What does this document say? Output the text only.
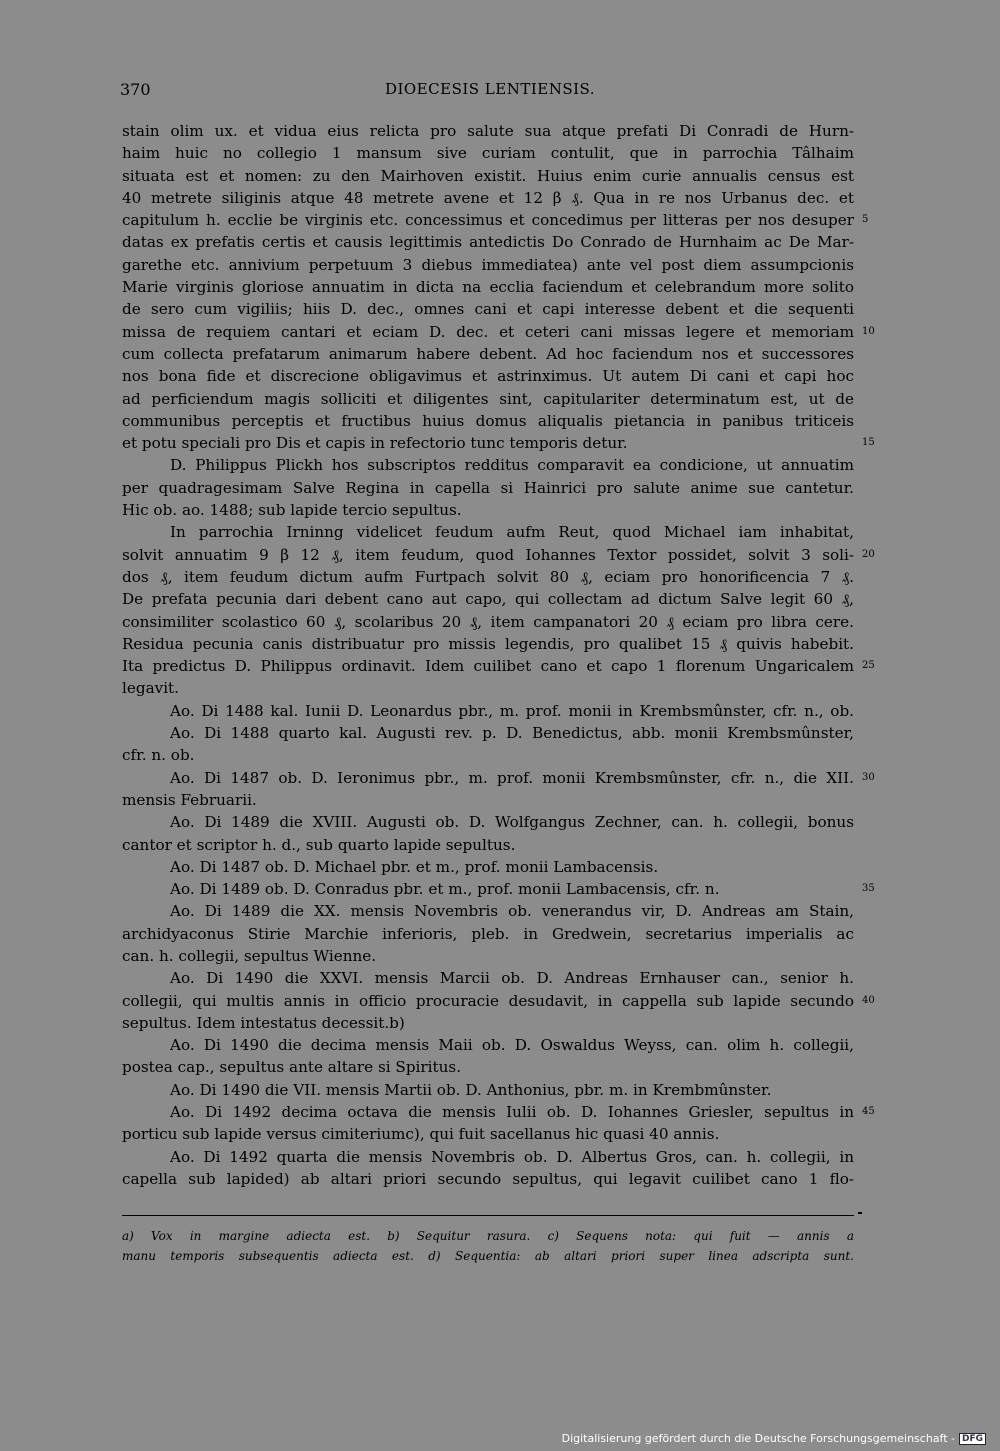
370	DIOECESIS LENTIENSIS.
stain olim ux. et vidua eius relicta pro salute sua atque prefati Di Conradi de Hurn-
haim huic no collegio 1 mansum sive curiam contulit, que in parrochia Tâlhaim
situata est et nomen: zu den Mairhoven existit. Huius enim curie annualis census est
40 metrete siliginis atque 48 metrete avene et 12 β ₰. Qua in re nos Urbanus dec. et
capitulum h. ecclie be virginis etc. concessimus et concedimus per litteras per nos desuper 5
datas ex prefatis certis et causis legittimis antedictis Do Conrado de Hurnhaim ac De Mar-
garethe etc. annivium perpetuum 3 diebus immediatea) ante vel post diem assumpcionis
Marie virginis gloriose annuatim in dicta na ecclia faciendum et celebrandum more solito
de sero cum vigiliis; hiis D. dec., omnes cani et capi interesse debent et die sequenti
missa de requiem cantari et eciam D. dec. et ceteri cani missas legere et memoriam 10
cum collecta prefatarum animarum habere debent. Ad hoc faciendum nos et successores
nos bona fide et discrecione obligavimus et astrinximus. Ut autem Di cani et capi hoc
ad perficiendum magis solliciti et diligentes sint, capitulariter determinatum est, ut de
communibus perceptis et fructibus huius domus aliqualis pietancia in panibus triticeis
et potu speciali pro Dis et capis in refectorio tunc temporis detur.	15
D. Philippus Plickh hos subscriptos redditus comparavit ea condicione, ut annuatim
per quadragesimam Salve Regina in capella si Hainrici pro salute anime sue cantetur.
Hic ob. ao. 1488; sub lapide tercio sepultus.
In parrochia Irninng videlicet feudum aufm Reut, quod Michael iam inhabitat,
solvit annuatim 9 β 12 ₰, item feudum, quod Iohannes Textor possidet, solvit 3 soli- 20
dos ₰, item feudum dictum aufm Furtpach solvit 80 ₰, eciam pro honorificencia 7 ₰.
De prefata pecunia dari debent cano aut capo, qui collectam ad dictum Salve legit 60 ₰,
consimiliter scolastico 60 ₰, scolaribus 20 ₰, item campanatori 20 ₰ eciam pro libra cere.
Residua pecunia canis distribuatur pro missis legendis, pro qualibet 15 ₰ quivis habebit.
Ita predictus D. Philippus ordinavit. Idem cuilibet cano et capo 1 florenum Ungaricalem 25
legavit.
Ao. Di 1488 kal. Iunii D. Leonardus pbr., m. prof. monii in Krembsmûnster, cfr. n., ob.
Ao. Di 1488 quarto kal. Augusti rev. p. D. Benedictus, abb. monii Krembsmûnster,
cfr. n. ob.
Ao. Di 1487 ob. D. Ieronimus pbr., m. prof. monii Krembsmûnster, cfr. n., die XII. 30
mensis Februarii.
Ao. Di 1489 die XVIII. Augusti ob. D. Wolfgangus Zechner, can. h. collegii, bonus
cantor et scriptor h. d., sub quarto lapide sepultus.
Ao. Di 1487 ob. D. Michael pbr. et m., prof. monii Lambacensis.
Ao. Di 1489 ob. D. Conradus pbr. et m., prof. monii Lambacensis, cfr. n.	35
Ao. Di 1489 die XX. mensis Novembris ob. venerandus vir, D. Andreas am Stain,
archidyaconus Stirie Marchie inferioris, pleb. in Gredwein, secretarius imperialis ac
can. h. collegii, sepultus Wienne.
Ao. Di 1490 die XXVI. mensis Marcii ob. D. Andreas Ernhauser can., senior h.
collegii, qui multis annis in officio procuracie desudavit, in cappella sub lapide secundo 40
sepultus. Idem intestatus decessit.b)
Ao. Di 1490 die decima mensis Maii ob. D. Oswaldus Weyss, can. olim h. collegii,
postea cap., sepultus ante altare si Spiritus.
Ao. Di 1490 die VII. mensis Martii ob. D. Anthonius, pbr. m. in Krembmûnster.
Ao. Di 1492 decima octava die mensis Iulii ob. D. Iohannes Griesler, sepultus in 45
porticu sub lapide versus cimiteriumc), qui fuit sacellanus hic quasi 40 annis.
Ao. Di 1492 quarta die mensis Novembris ob. D. Albertus Gros, can. h. collegii, in
capella sub lapided) ab altari priori secundo sepultus, qui legavit cuilibet cano 1 flo-
a) Vox in margine adiecta est. b) Sequitur rasura. c) Sequens nota: qui fuit — annis a
manu temporis subsequentis adiecta est. d) Sequentia: ab altari priori super linea adscripta sunt.
Digitalisierung gefördert durch die Deutsche Forschungsgemeinschaft - DFG
